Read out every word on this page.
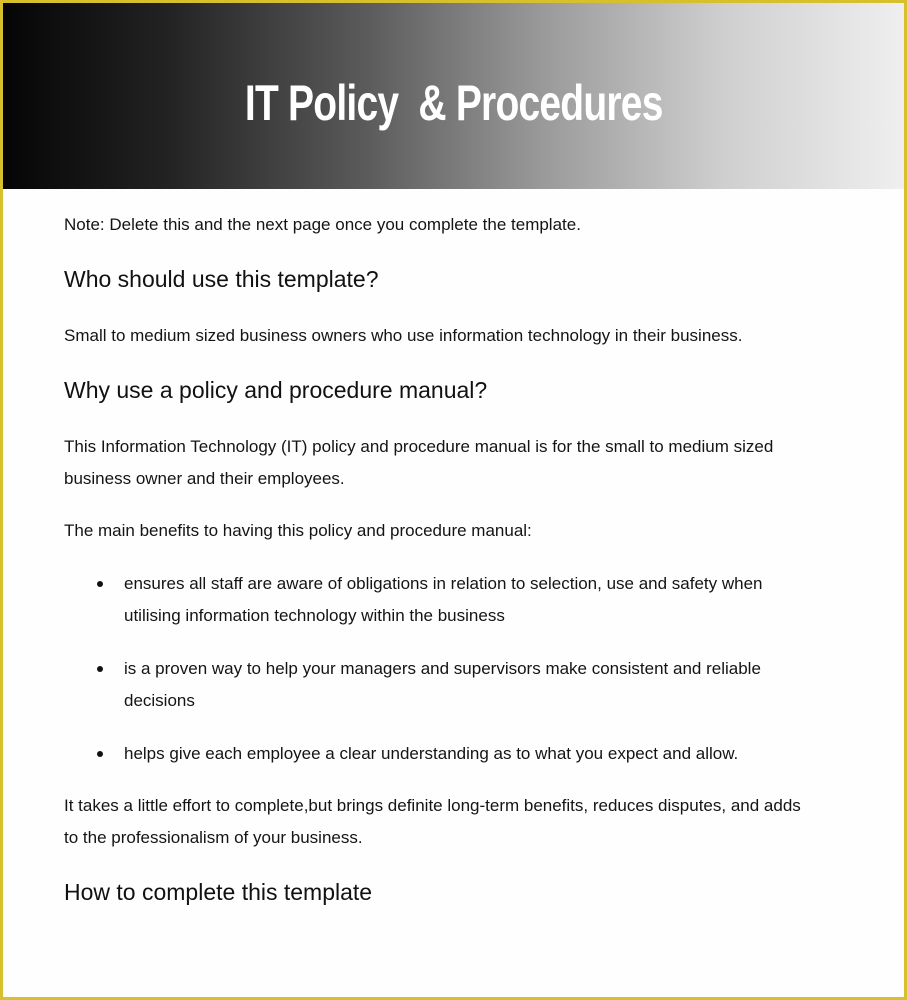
IT Policy  & Procedures
Note: Delete this and the next page once you complete the template.
Who should use this template?
Small to medium sized business owners who use information technology in their business.
Why use a policy and procedure manual?
This Information Technology (IT) policy and procedure manual is for the small to medium sized
business owner and their employees.
The main benefits to having this policy and procedure manual:
ensures all staff are aware of obligations in relation to selection, use and safety when
utilising information technology within the business
is a proven way to help your managers and supervisors make consistent and reliable
decisions
helps give each employee a clear understanding as to what you expect and allow.
It takes a little effort to complete,but brings definite long-term benefits, reduces disputes, and adds
to the professionalism of your business.
How to complete this template
